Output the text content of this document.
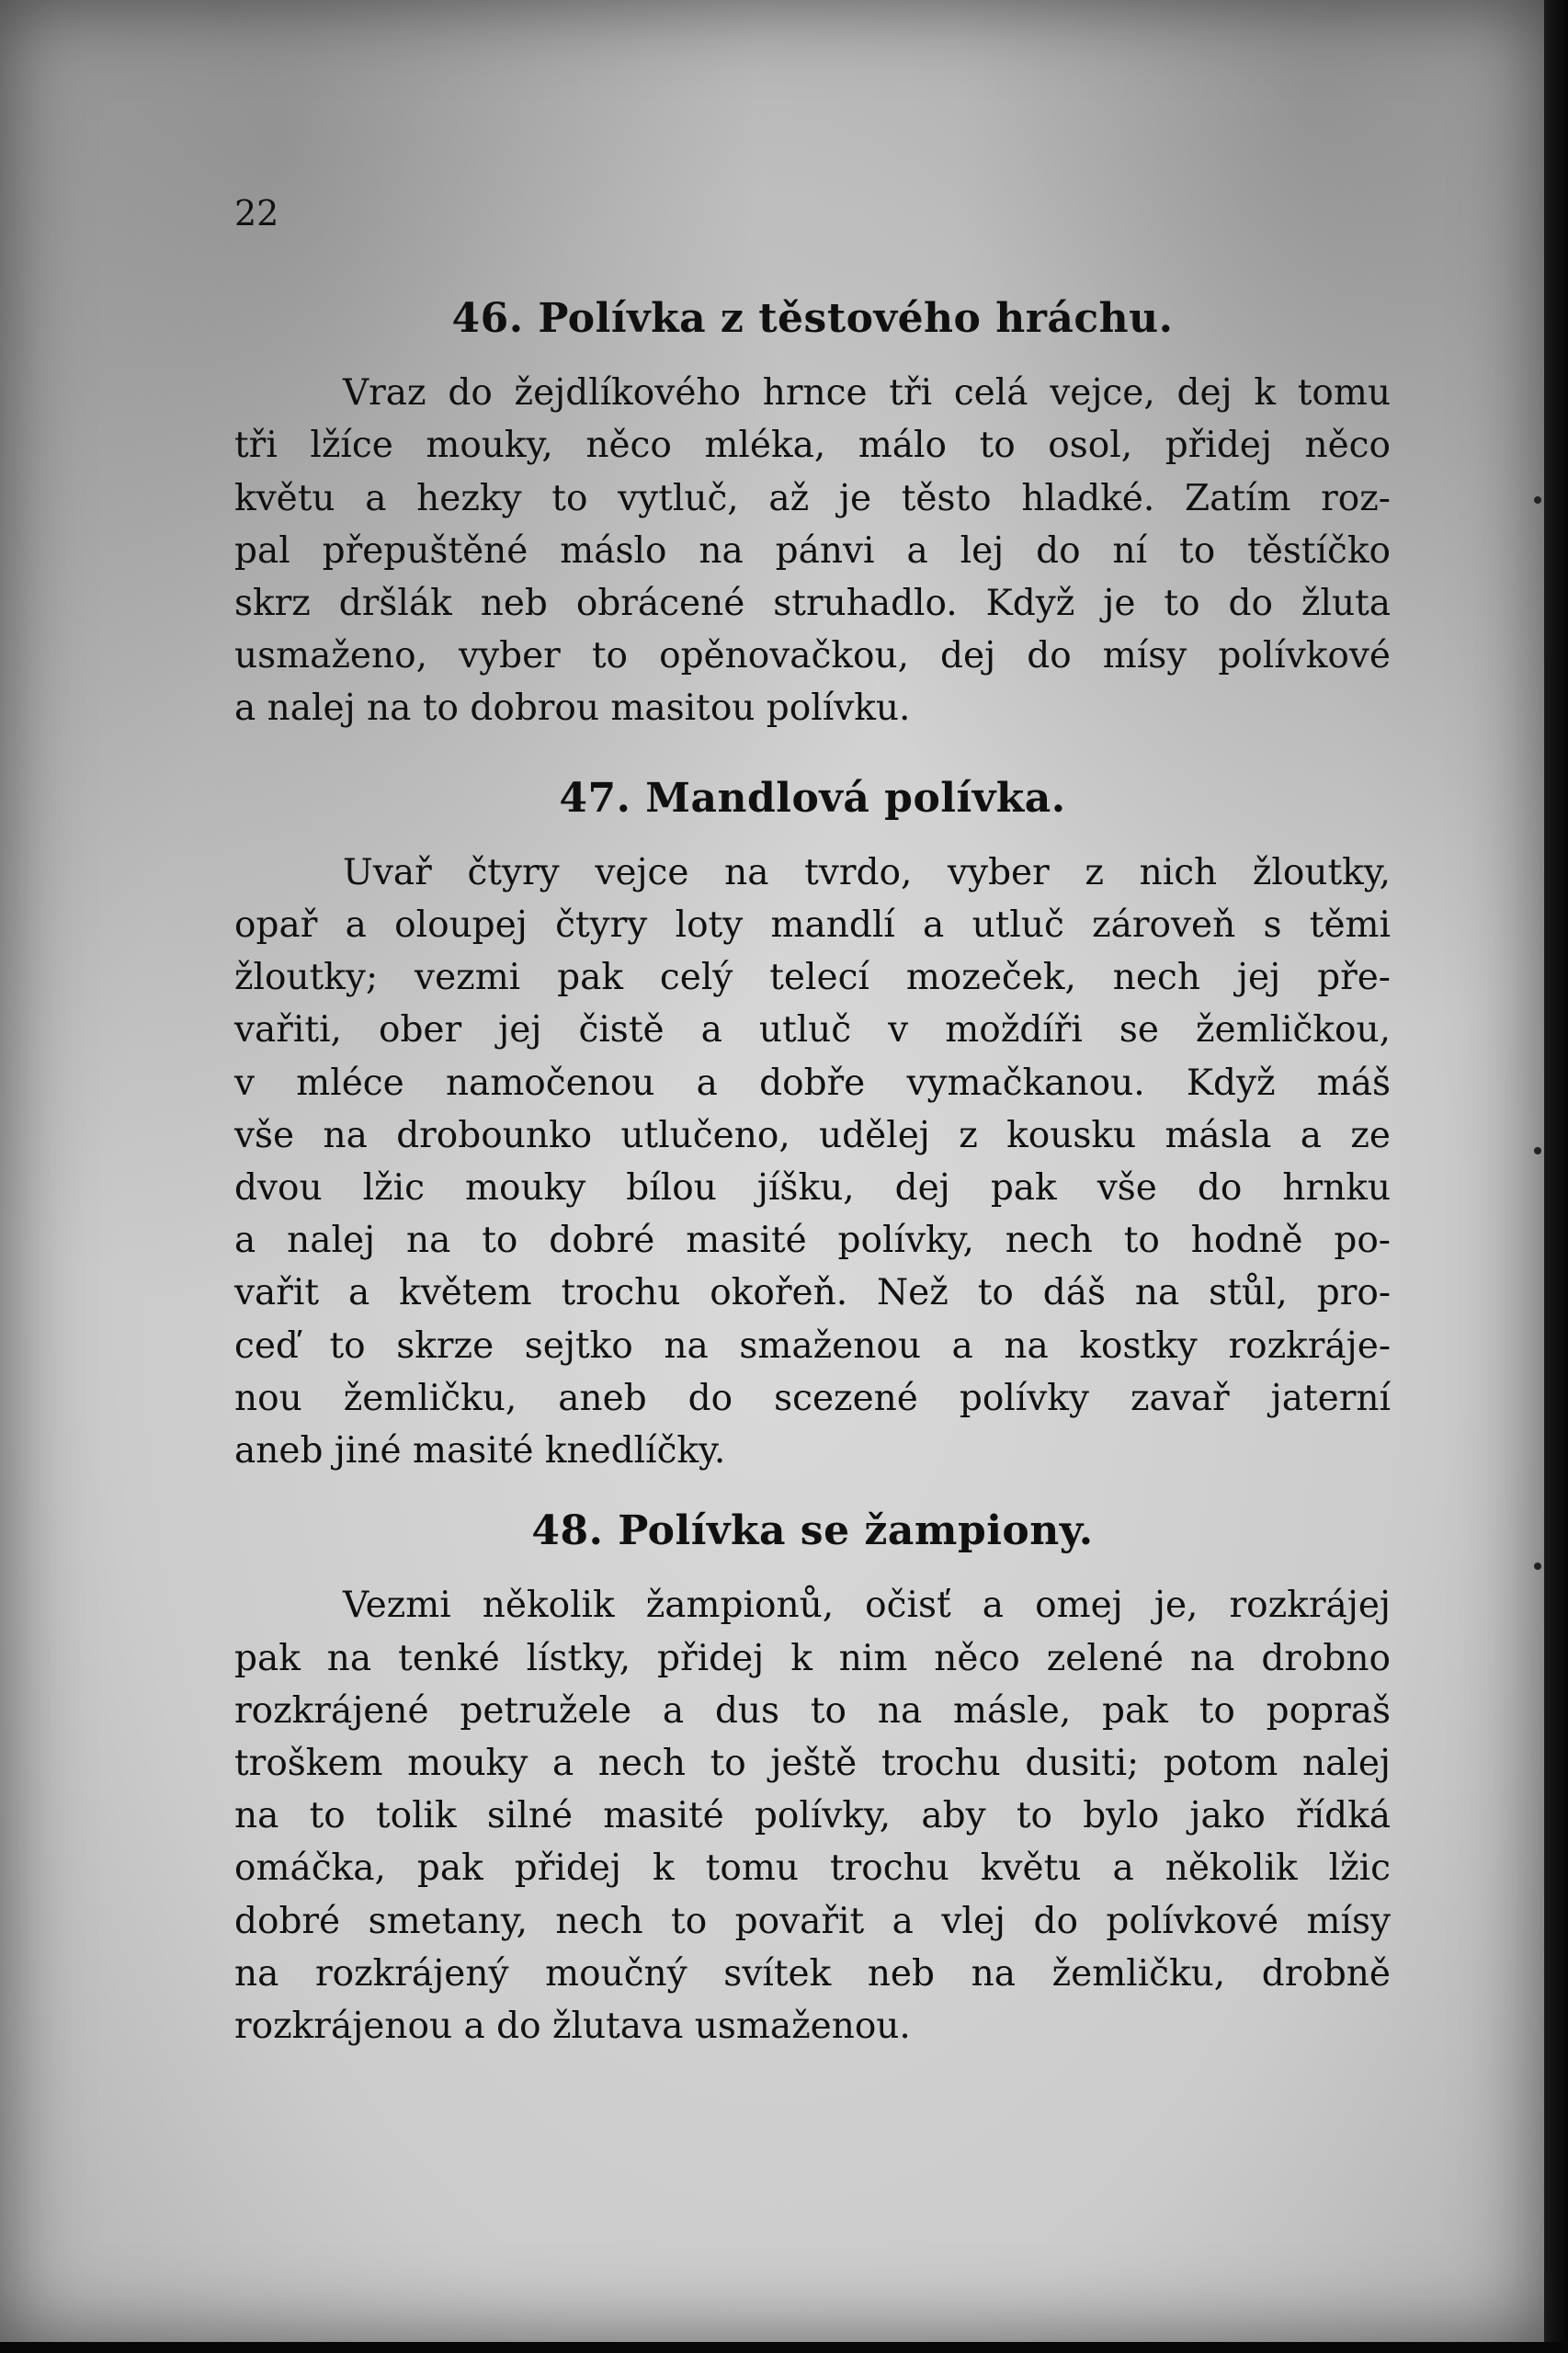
22
46. Polívka z těstového hráchu.
Vraz do žejdlíkového hrnce tři celá vejce, dej k tomu
tři lžíce mouky, něco mléka, málo to osol, přidej něco
květu a hezky to vytluč, až je těsto hladké. Zatím roz-
pal přepuštěné máslo na pánvi a lej do ní to těstíčko
skrz dršlák neb obrácené struhadlo. Když je to do žluta
usmaženo, vyber to opěnovačkou, dej do mísy polívkové
a nalej na to dobrou masitou polívku.
47. Mandlová polívka.
Uvař čtyry vejce na tvrdo, vyber z nich žloutky,
opař a oloupej čtyry loty mandlí a utluč zároveň s těmi
žloutky; vezmi pak celý telecí mozeček, nech jej pře-
vařiti, ober jej čistě a utluč v moždíři se žemličkou,
v mléce namočenou a dobře vymačkanou. Když máš
vše na drobounko utlučeno, udělej z kousku másla a ze
dvou lžic mouky bílou jíšku, dej pak vše do hrnku
a nalej na to dobré masité polívky, nech to hodně po-
vařit a květem trochu okořeň. Než to dáš na stůl, pro-
ceď to skrze sejtko na smaženou a na kostky rozkráje-
nou žemličku, aneb do scezené polívky zavař jaterní
aneb jiné masité knedlíčky.
48. Polívka se žampiony.
Vezmi několik žampionů, očisť a omej je, rozkrájej
pak na tenké lístky, přidej k nim něco zelené na drobno
rozkrájené petružele a dus to na másle, pak to popraš
troškem mouky a nech to ještě trochu dusiti; potom nalej
na to tolik silné masité polívky, aby to bylo jako řídká
omáčka, pak přidej k tomu trochu květu a několik lžic
dobré smetany, nech to povařit a vlej do polívkové mísy
na rozkrájený moučný svítek neb na žemličku, drobně
rozkrájenou a do žlutava usmaženou.
